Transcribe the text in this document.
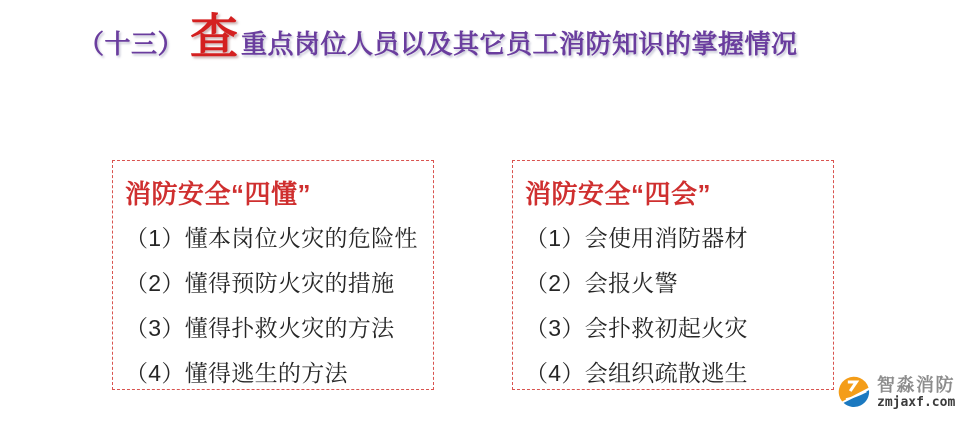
（十三） 查 重点岗位人员以及其它员工消防知识的掌握情况
消防安全“四懂”
（1）懂本岗位火灾的危险性
（2）懂得预防火灾的措施
（3）懂得扑救火灾的方法
（4）懂得逃生的方法
消防安全“四会”
（1）会使用消防器材
（2）会报火警
（3）会扑救初起火灾
（4）会组织疏散逃生	智淼消防
zmjaxf.com
